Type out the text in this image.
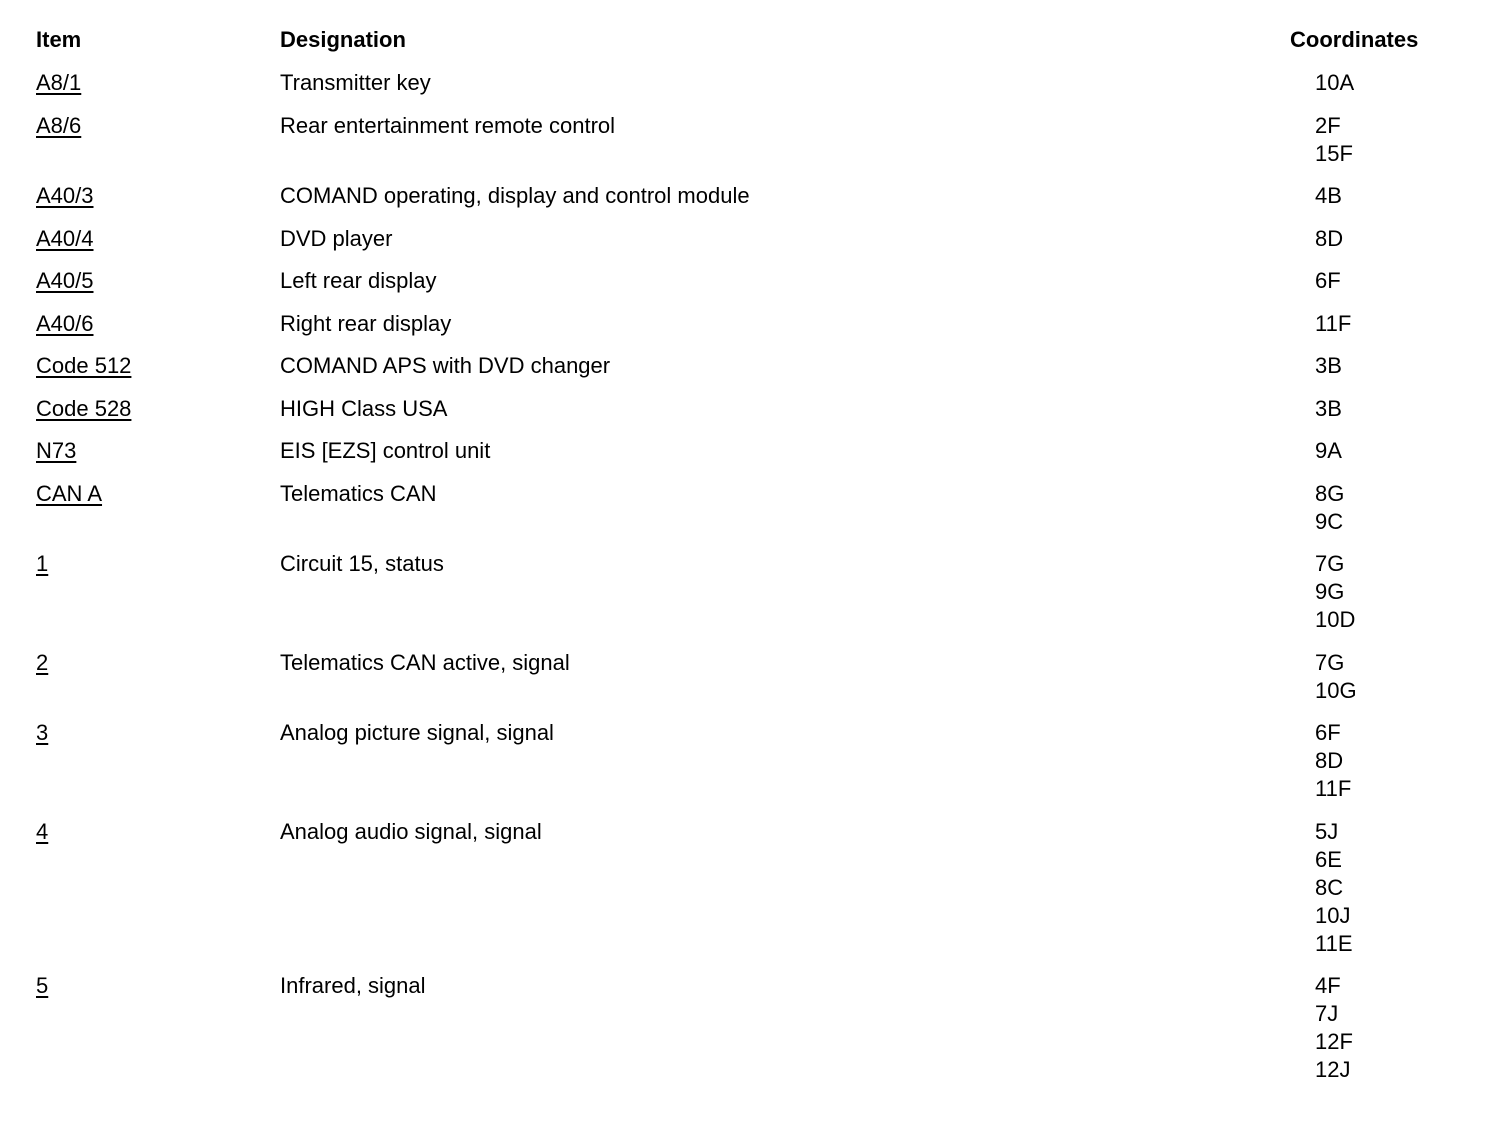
Item	Designation	Coordinates
A8/1	Transmitter key	10A
A8/6	Rear entertainment remote control	2F
15F
A40/3	COMAND operating, display and control module	4B
A40/4	DVD player	8D
A40/5	Left rear display	6F
A40/6	Right rear display	11F
Code 512	COMAND APS with DVD changer	3B
Code 528	HIGH Class USA	3B
N73	EIS [EZS] control unit	9A
CAN A	Telematics CAN	8G
9C
1	Circuit 15, status	7G
9G
10D
2	Telematics CAN active, signal	7G
10G
3	Analog picture signal, signal	6F
8D
11F
4	Analog audio signal, signal	5J
6E
8C
10J
11E
5	Infrared, signal	4F
7J
12F
12J
